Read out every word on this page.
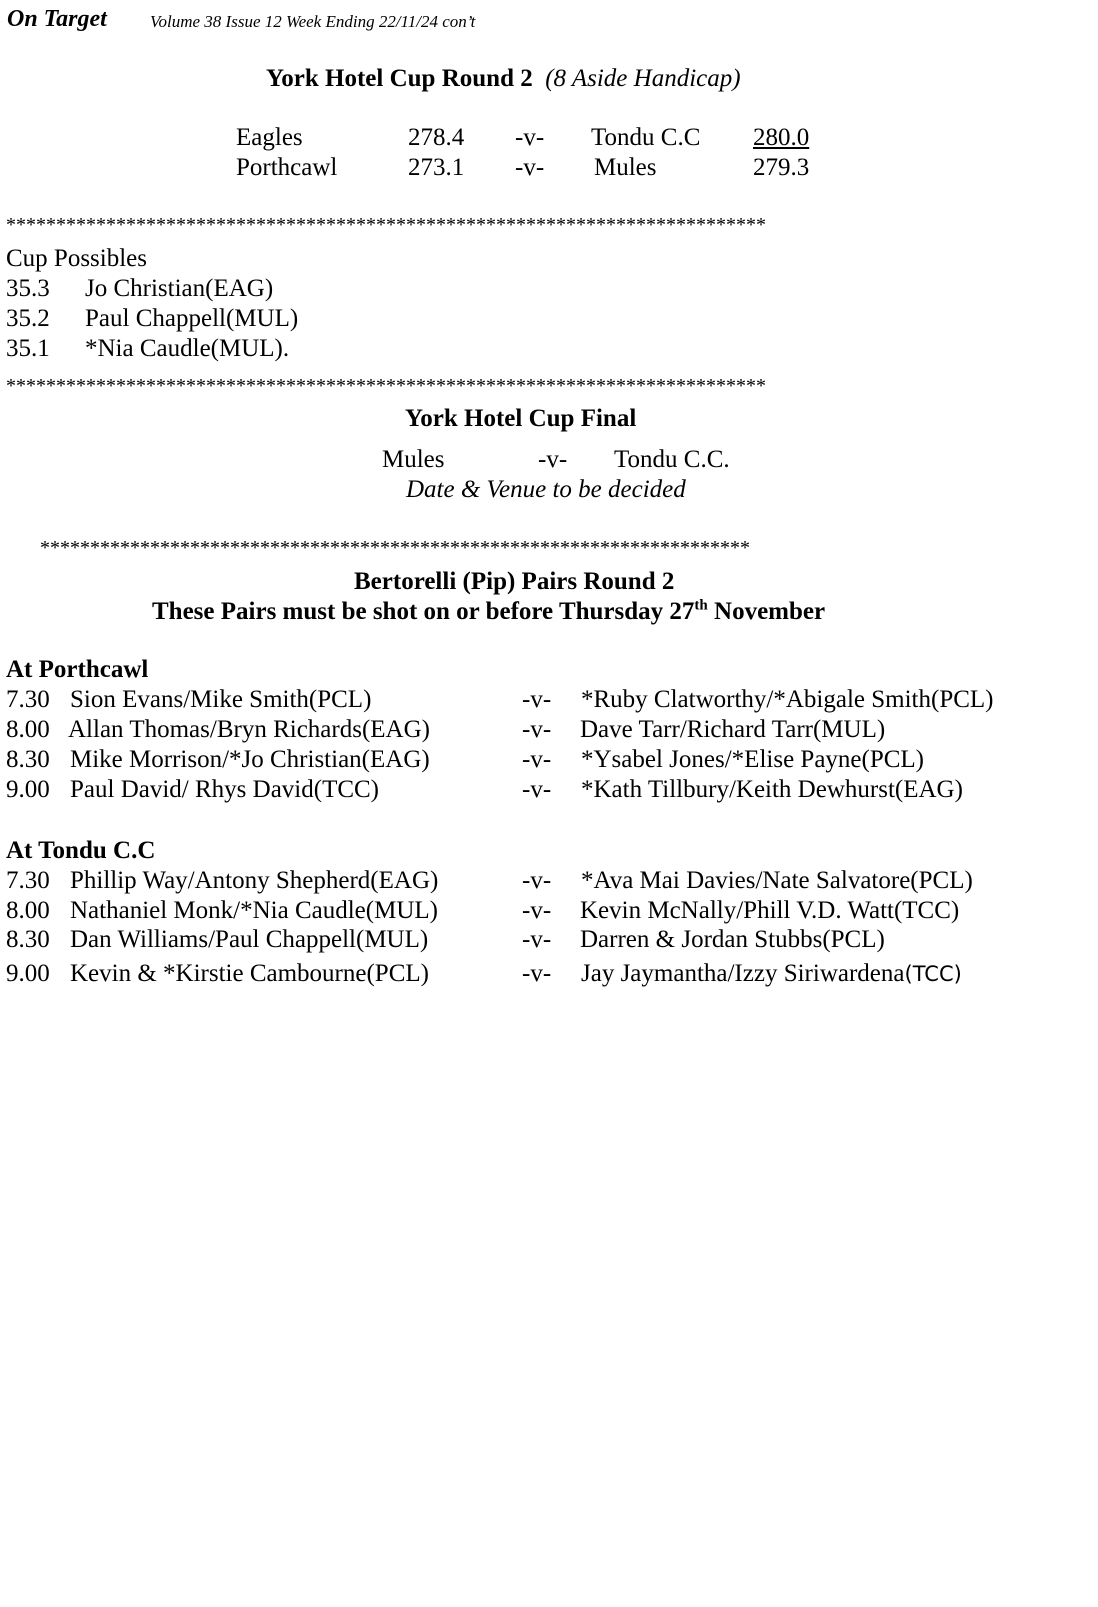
On Target	Volume 38 Issue 12 Week Ending 22/11/24 con’t
York Hotel Cup Round 2 (8 Aside Handicap)
Eagles	278.4 -v- Tondu C.C 280.0
Porthcawl	273.1 -v- Mules	279.3
****************************************************************************
Cup Possibles
35.3 Jo Christian(EAG)
35.2 Paul Chappell(MUL)
35.1 *Nia Caudle(MUL).
****************************************************************************
York Hotel Cup Final
Mules	-v- Tondu C.C.
Date & Venue to be decided
***********************************************************************
Bertorelli (Pip) Pairs Round 2
These Pairs must be shot on or before Thursday 27th November
At Porthcawl
7.30 Sion Evans/Mike Smith(PCL)	-v- *Ruby Clatworthy/*Abigale Smith(PCL)
8.00 Allan Thomas/Bryn Richards(EAG)	-v- Dave Tarr/Richard Tarr(MUL)
8.30 Mike Morrison/*Jo Christian(EAG)	-v- *Ysabel Jones/*Elise Payne(PCL)
9.00 Paul David/ Rhys David(TCC)	-v- *Kath Tillbury/Keith Dewhurst(EAG)
At Tondu C.C
7.30 Phillip Way/Antony Shepherd(EAG)	-v- *Ava Mai Davies/Nate Salvatore(PCL)
8.00 Nathaniel Monk/*Nia Caudle(MUL)	-v- Kevin McNally/Phill V.D. Watt(TCC)
8.30 Dan Williams/Paul Chappell(MUL)	-v- Darren & Jordan Stubbs(PCL)
9.00 Kevin & *Kirstie Cambourne(PCL)	-v- Jay Jaymantha/Izzy Siriwardena(TCC)
